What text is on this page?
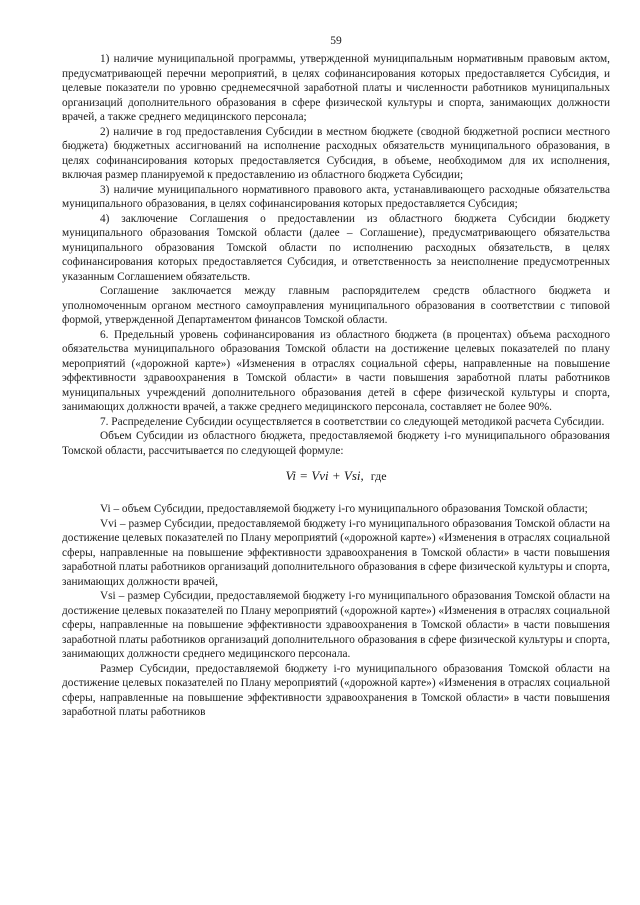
59

1) наличие муниципальной программы, утвержденной муниципальным нормативным правовым актом, предусматривающей перечни мероприятий, в целях софинансирования которых предоставляется Субсидия, и целевые показатели по уровню среднемесячной заработной платы и численности работников муниципальных организаций дополнительного образования в сфере физической культуры и спорта, занимающих должности врачей, а также среднего медицинского персонала;

2) наличие в год предоставления Субсидии в местном бюджете (сводной бюджетной росписи местного бюджета) бюджетных ассигнований на исполнение расходных обязательств муниципального образования, в целях софинансирования которых предоставляется Субсидия, в объеме, необходимом для их исполнения, включая размер планируемой к предоставлению из областного бюджета Субсидии;

3) наличие муниципального нормативного правового акта, устанавливающего расходные обязательства муниципального образования, в целях софинансирования которых предоставляется Субсидия;

4) заключение Соглашения о предоставлении из областного бюджета Субсидии бюджету муниципального образования Томской области (далее – Соглашение), предусматривающего обязательства муниципального образования Томской области по исполнению расходных обязательств, в целях софинансирования которых предоставляется Субсидия, и ответственность за неисполнение предусмотренных указанным Соглашением обязательств.

Соглашение заключается между главным распорядителем средств областного бюджета и уполномоченным органом местного самоуправления муниципального образования в соответствии с типовой формой, утвержденной Департаментом финансов Томской области.

6. Предельный уровень софинансирования из областного бюджета (в процентах) объема расходного обязательства муниципального образования Томской области на достижение целевых показателей по плану мероприятий («дорожной карте») «Изменения в отраслях социальной сферы, направленные на повышение эффективности здравоохранения в Томской области» в части повышения заработной платы работников муниципальных учреждений дополнительного образования детей в сфере физической культуры и спорта, занимающих должности врачей, а также среднего медицинского персонала, составляет не более 90%.

7. Распределение Субсидии осуществляется в соответствии со следующей методикой расчета Субсидии.

Объем Субсидии из областного бюджета, предоставляемой бюджету i-го муниципального образования Томской области, рассчитывается по следующей формуле:

Vi = Vvi + Vsi, где

Vi – объем Субсидии, предоставляемой бюджету i-го муниципального образования Томской области;

Vvi – размер Субсидии, предоставляемой бюджету i-го муниципального образования Томской области на достижение целевых показателей по Плану мероприятий («дорожной карте») «Изменения в отраслях социальной сферы, направленные на повышение эффективности здравоохранения в Томской области» в части повышения заработной платы работников организаций дополнительного образования в сфере физической культуры и спорта, занимающих должности врачей,

Vsi – размер Субсидии, предоставляемой бюджету i-го муниципального образования Томской области на достижение целевых показателей по Плану мероприятий («дорожной карте») «Изменения в отраслях социальной сферы, направленные на повышение эффективности здравоохранения в Томской области» в части повышения заработной платы работников организаций дополнительного образования в сфере физической культуры и спорта, занимающих должности среднего медицинского персонала.

Размер Субсидии, предоставляемой бюджету i-го муниципального образования Томской области на достижение целевых показателей по Плану мероприятий («дорожной карте») «Изменения в отраслях социальной сферы, направленные на повышение эффективности здравоохранения в Томской области» в части повышения заработной платы работников
